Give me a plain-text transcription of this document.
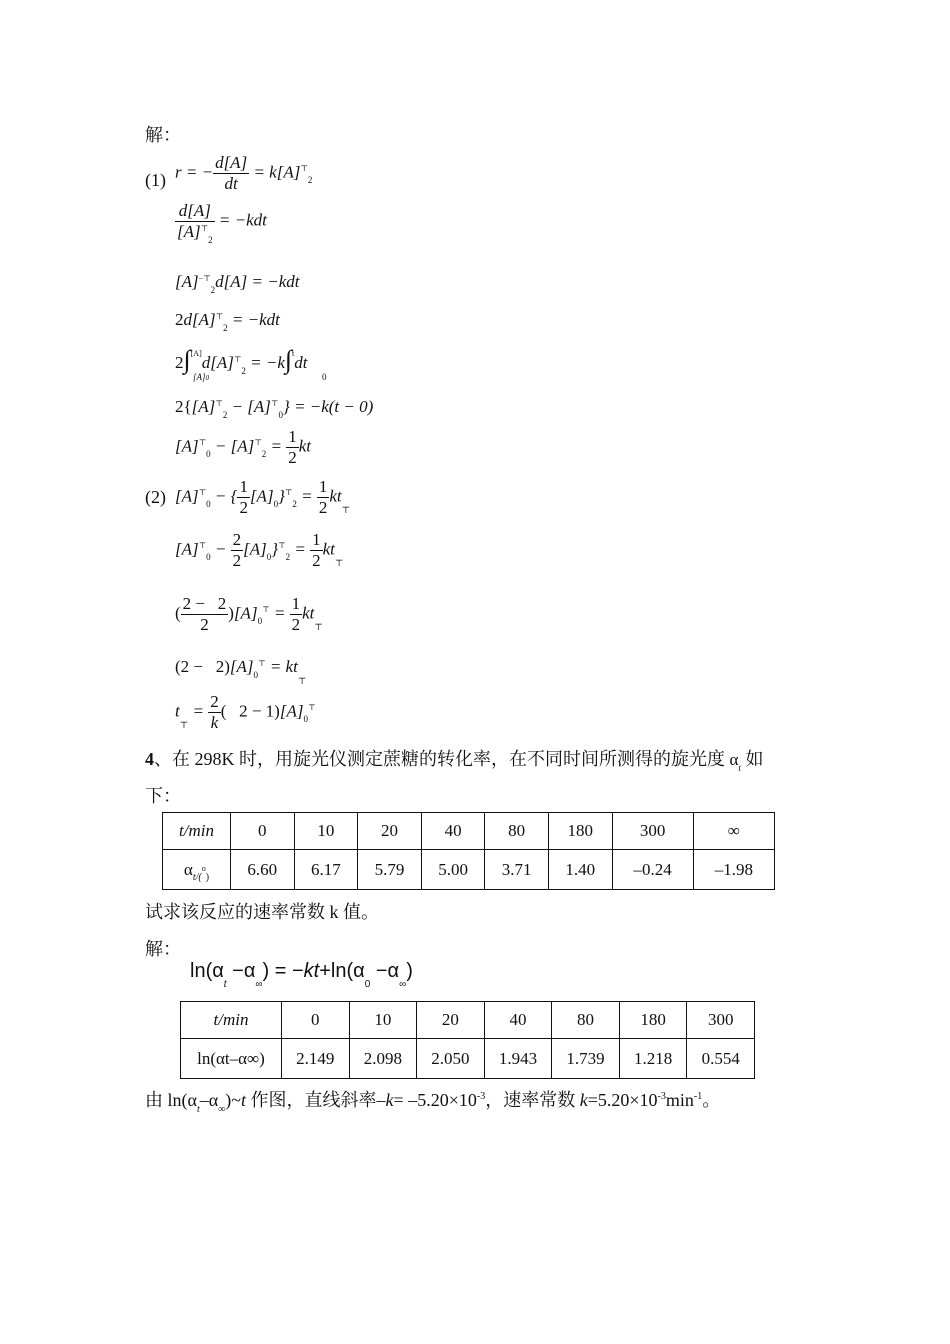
解：
(1) r = − $\frac{d[A]}{dt} = k[A]^⊤_2$
$\frac{d[A]}{[A]^⊤_2} = -kdt$
$[A]^{-⊤}_2d[A] = -kdt$
$2d[A]^⊤_2 = -kdt$
$2\int[A]d[A]^⊤_2 = -k\int^tdt$
[A]0	0
$2\{[A]^⊤_2 - [A]^⊤_0\} = -k(t - 0)$
$[A]^⊤_0 - [A]^⊤_2 = \frac{1}{2}$ kt
(2) $[A]^⊤_0$ − { $\frac{1}{2} [A]_0\}^⊤_2 = \frac{1}{2} kt_⊤$
$[A]^⊤_0 - \frac{2}{2} [A]_0\}^⊤_2 = \frac{1}{2} kt_⊤$
( $\frac{2 - 2}{2} )[A]_0^⊤ = \frac{1}{2} kt_⊤$
$(2 - 2)[A]_0^⊤ = kt_⊤$
$t_⊤ = \frac{2}{k}$ (   $2 - 1)[A]_0^⊤$
4、在 298K 时，用旋光仪测定蔗糖的转化率，在不同时间所测得的旋光度 $\alpha_t$ 如
下：
t/min	0	10	20	40	80	180	300	∞
$\alpha_{t/(}^o_)$	6.60	6.17	5.79	5.00	3.71	1.40	–0.24	–1.98
试求该反应的速率常数 k 值。
解：
$\ln(\alpha_t -\alpha_\infty) = -kt+\ln(\alpha_0 -\alpha_\infty)$
t/min	0	10	20	40	80	180	300
ln(αt–α∞)	2.149	2.098	2.050	1.943	1.739	1.218	0.554
由 $\ln(\alpha_t-\alpha_\infty)\sim t$ 作图，直线斜率$-k= -5.20\times 10^{-3}$，速率常数 $k=5.20\times 10^{-3}\min^{-1}$。
